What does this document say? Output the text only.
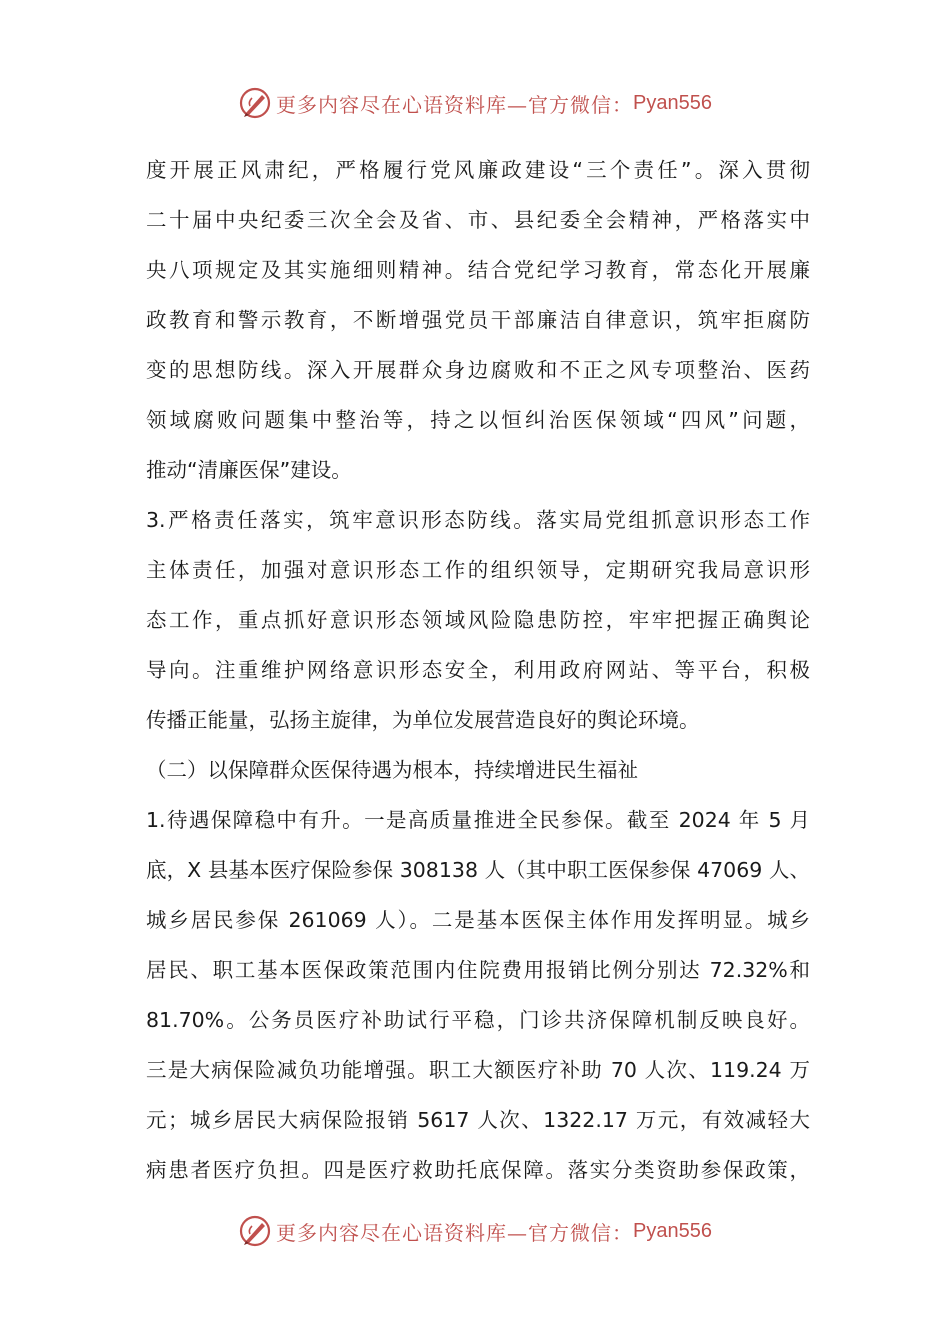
更多内容尽在心语资料库—官方微信： Pyan556
度开展正风肃纪，严格履行党风廉政建设“三个责任”。深入贯彻
二十届中央纪委三次全会及省、市、县纪委全会精神，严格落实中
央八项规定及其实施细则精神。结合党纪学习教育，常态化开展廉
政教育和警示教育，不断增强党员干部廉洁自律意识，筑牢拒腐防
变的思想防线。深入开展群众身边腐败和不正之风专项整治、医药
领域腐败问题集中整治等，持之以恒纠治医保领域“四风”问题，
推动“清廉医保”建设。
3.严格责任落实，筑牢意识形态防线。落实局党组抓意识形态工作
主体责任，加强对意识形态工作的组织领导，定期研究我局意识形
态工作，重点抓好意识形态领域风险隐患防控，牢牢把握正确舆论
导向。注重维护网络意识形态安全，利用政府网站、等平台，积极
传播正能量，弘扬主旋律，为单位发展营造良好的舆论环境。
（二）以保障群众医保待遇为根本，持续增进民生福祉
1.待遇保障稳中有升。一是高质量推进全民参保。截至 2024 年 5 月
底，X 县基本医疗保险参保 308138 人（其中职工医保参保 47069 人、
城乡居民参保 261069 人）。二是基本医保主体作用发挥明显。城乡
居民、职工基本医保政策范围内住院费用报销比例分别达 72.32%和
81.70%。公务员医疗补助试行平稳，门诊共济保障机制反映良好。
三是大病保险减负功能增强。职工大额医疗补助 70 人次、119.24 万
元；城乡居民大病保险报销 5617 人次、1322.17 万元，有效减轻大
病患者医疗负担。四是医疗救助托底保障。落实分类资助参保政策，
更多内容尽在心语资料库—官方微信： Pyan556
